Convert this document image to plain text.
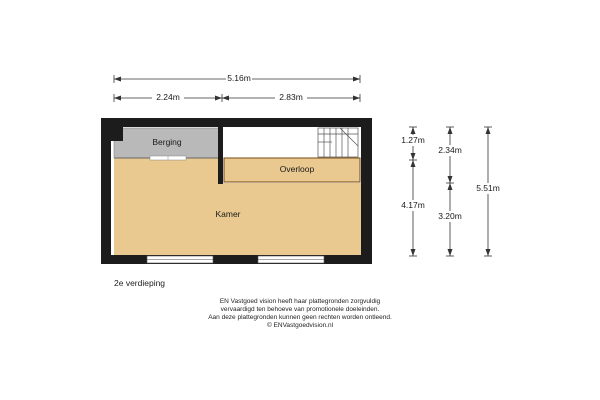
5.16m
2.24m	2.83m
Berging
Kamer
Overloop
1.27m
4.17m
2.34m
3.20m
5.51m
2e verdieping
EN Vastgoed vision heeft haar plattegronden zorgvuldig
vervaardigd ten behoeve van promotionele doeleinden.
Aan deze plattegronden kunnen geen rechten worden ontleend.
© ENVastgoedvision.nl
